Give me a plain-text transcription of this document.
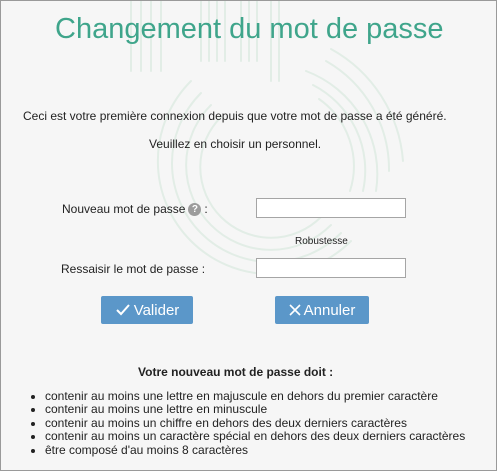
Changement du mot de passe
Ceci est votre première connexion depuis que votre mot de passe a été généré.
Veuillez en choisir un personnel.
Nouveau mot de passe ? :
Robustesse
Ressaisir le mot de passe :
Valider	Annuler
Votre nouveau mot de passe doit :
• contenir au moins une lettre en majuscule en dehors du premier caractère
• contenir au moins une lettre en minuscule
• contenir au moins un chiffre en dehors des deux derniers caractères
• contenir au moins un caractère spécial en dehors des deux derniers caractères
• être composé d'au moins 8 caractères
